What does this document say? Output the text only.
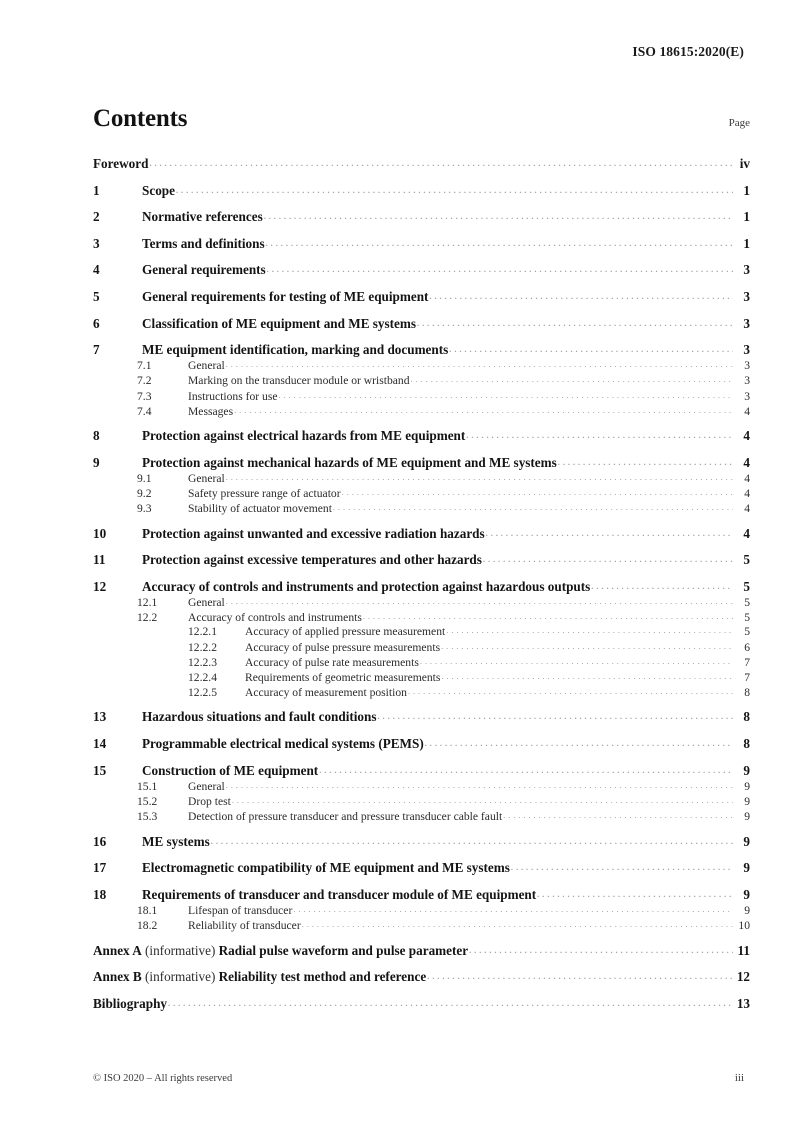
ISO 18615:2020(E)
Contents	Page
Foreword . . .	iv
1	Scope . . .	1
2	Normative references . . .	1
3	Terms and definitions . . .	1
4	General requirements . . .	3
5	General requirements for testing of ME equipment . . .	3
6	Classification of ME equipment and ME systems . . .	3
7	ME equipment identification, marking and documents . . .	3
7.1	General . . .	3
7.2	Marking on the transducer module or wristband . . .	3
7.3	Instructions for use . . .	3
7.4	Messages . . .	4
8	Protection against electrical hazards from ME equipment . . .	4
9	Protection against mechanical hazards of ME equipment and ME systems . . .	4
9.1	General . . .	4
9.2	Safety pressure range of actuator . . .	4
9.3	Stability of actuator movement . . .	4
10	Protection against unwanted and excessive radiation hazards . . .	4
11	Protection against excessive temperatures and other hazards . . .	5
12	Accuracy of controls and instruments and protection against hazardous outputs . . .	5
12.1	General . . .	5
12.2	Accuracy of controls and instruments . . .	5
12.2.1	Accuracy of applied pressure measurement . . .	5
12.2.2	Accuracy of pulse pressure measurements . . .	6
12.2.3	Accuracy of pulse rate measurements . . .	7
12.2.4	Requirements of geometric measurements . . .	7
12.2.5	Accuracy of measurement position . . .	8
13	Hazardous situations and fault conditions . . .	8
14	Programmable electrical medical systems (PEMS) . . .	8
15	Construction of ME equipment . . .	9
15.1	General . . .	9
15.2	Drop test . . .	9
15.3	Detection of pressure transducer and pressure transducer cable fault . . .	9
16	ME systems . . .	9
17	Electromagnetic compatibility of ME equipment and ME systems . . .	9
18	Requirements of transducer and transducer module of ME equipment . . .	9
18.1	Lifespan of transducer . . .	9
18.2	Reliability of transducer . . .	10
Annex A (informative) Radial pulse waveform and pulse parameter . . .	11
Annex B (informative) Reliability test method and reference . . .	12
Bibliography . . .	13
© ISO 2020 – All rights reserved	iii
